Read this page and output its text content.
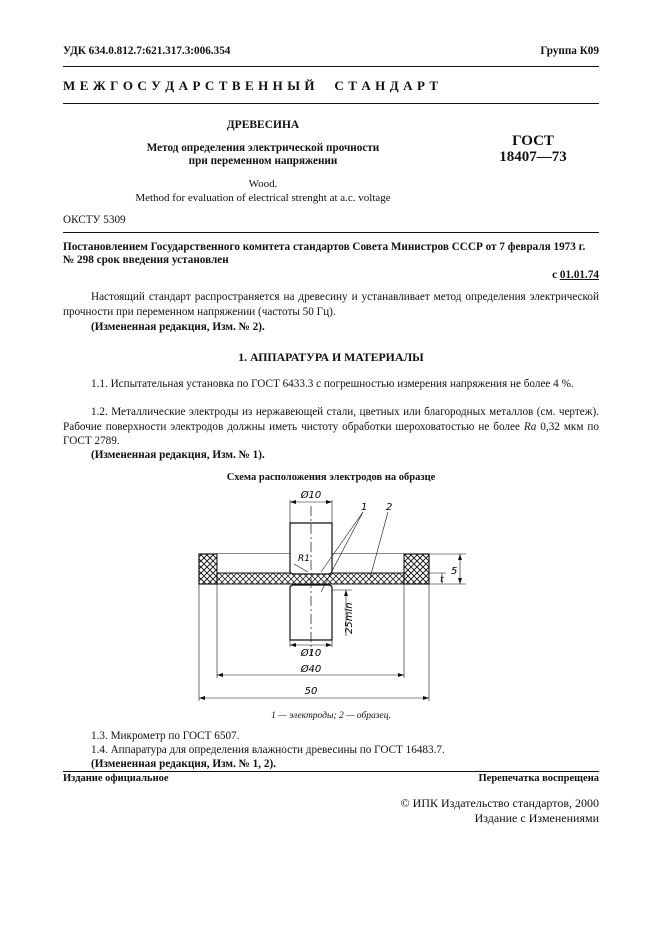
УДК 634.0.812.7:621.317.3:006.354	Группа К09
М Е Ж Г О С У Д А Р С Т В Е Н Н Ы Й     С Т А Н Д А Р Т
ДРЕВЕСИНА
Метод определения электрической прочности
при переменном напряжении
Wood.
Method for evaluation of electrical strenght at a.c. voltage
ГОСТ
18407—73
ОКСТУ 5309
Постановлением Государственного комитета стандартов Совета Министров СССР от 7 февраля 1973 г. № 298 срок введения установлен
с 01.01.74
Настоящий стандарт распространяется на древесину и устанавливает метод определения электрической прочности при переменном напряжении (частоты 50 Гц).
(Измененная редакция, Изм. № 2).
1. АППАРАТУРА И МАТЕРИАЛЫ
1.1. Испытательная установка по ГОСТ 6433.3 с погрешностью измерения напряжения не более 4 %.
1.2. Металлические электроды из нержавеющей стали, цветных или благородных металлов (см. чертеж). Рабочие поверхности электродов должны иметь чистоту обработки шероховатостью не более Ra 0,32 мкм по ГОСТ 2789.
(Измененная редакция, Изм. № 1).
Схема расположения электродов на образце
Ø10
R1
1 2
t
5
25min
Ø10
Ø40
50
1 — электроды; 2 — образец.
1.3. Микрометр по ГОСТ 6507.
1.4. Аппаратура для определения влажности древесины по ГОСТ 16483.7.
(Измененная редакция, Изм. № 1, 2).
Издание официальное	Перепечатка воспрещена
© ИПК Издательство стандартов, 2000
Издание с Изменениями
